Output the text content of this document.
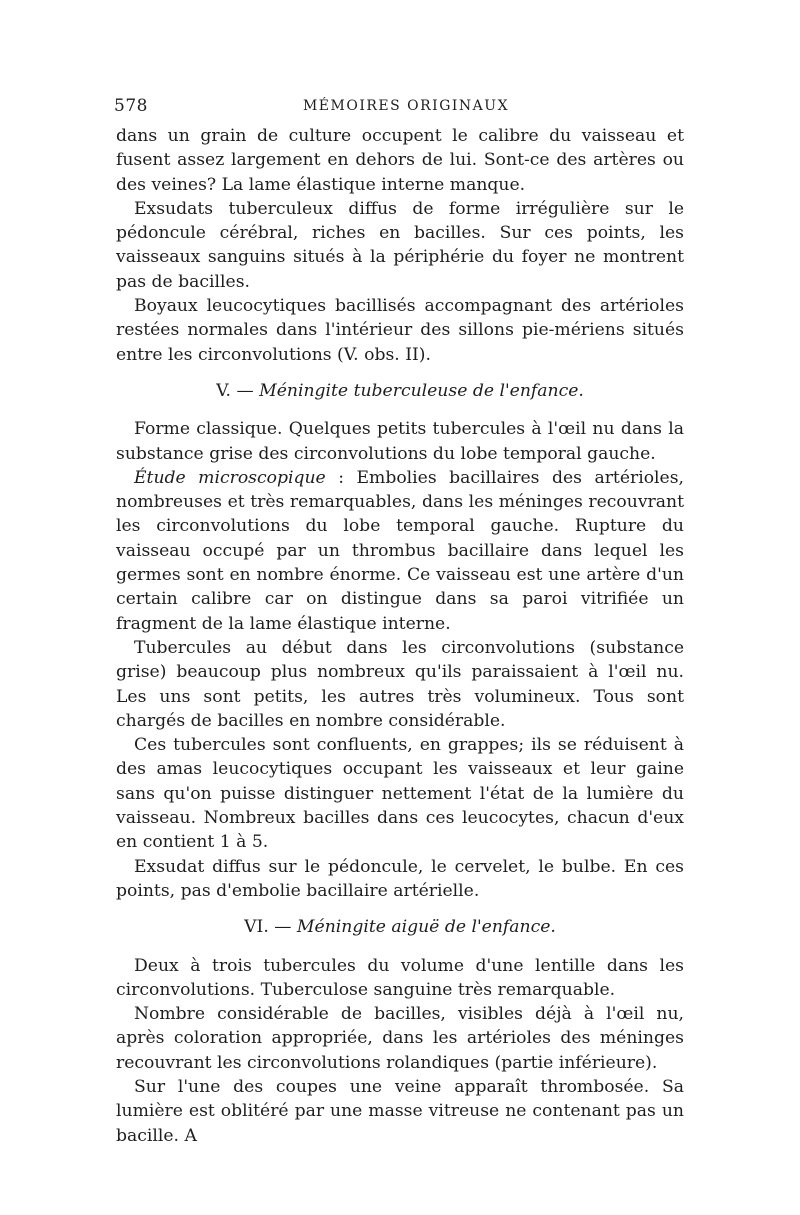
578	MÉMOIRES ORIGINAUX

dans un grain de culture occupent le calibre du vaisseau et fusent assez largement en dehors de lui. Sont-ce des artères ou des veines? La lame élastique interne manque.

Exsudats tuberculeux diffus de forme irrégulière sur le pédoncule cérébral, riches en bacilles. Sur ces points, les vaisseaux sanguins situés à la périphérie du foyer ne montrent pas de bacilles.

Boyaux leucocytiques bacillisés accompagnant des artérioles restées normales dans l'intérieur des sillons pie-mériens situés entre les circonvolutions (V. obs. II).

V. — Méningite tuberculeuse de l'enfance.

Forme classique. Quelques petits tubercules à l'œil nu dans la substance grise des circonvolutions du lobe temporal gauche.

Étude microscopique : Embolies bacillaires des artérioles, nombreuses et très remarquables, dans les méninges recouvrant les circonvolutions du lobe temporal gauche. Rupture du vaisseau occupé par un thrombus bacillaire dans lequel les germes sont en nombre énorme. Ce vaisseau est une artère d'un certain calibre car on distingue dans sa paroi vitrifiée un fragment de la lame élastique interne.

Tubercules au début dans les circonvolutions (substance grise) beaucoup plus nombreux qu'ils paraissaient à l'œil nu. Les uns sont petits, les autres très volumineux. Tous sont chargés de bacilles en nombre considérable.

Ces tubercules sont confluents, en grappes; ils se réduisent à des amas leucocytiques occupant les vaisseaux et leur gaine sans qu'on puisse distinguer nettement l'état de la lumière du vaisseau. Nombreux bacilles dans ces leucocytes, chacun d'eux en contient 1 à 5.

Exsudat diffus sur le pédoncule, le cervelet, le bulbe. En ces points, pas d'embolie bacillaire artérielle.

VI. — Méningite aiguë de l'enfance.

Deux à trois tubercules du volume d'une lentille dans les circonvolutions. Tuberculose sanguine très remarquable.

Nombre considérable de bacilles, visibles déjà à l'œil nu, après coloration appropriée, dans les artérioles des méninges recouvrant les circonvolutions rolandiques (partie inférieure).

Sur l'une des coupes une veine apparaît thrombosée. Sa lumière est oblitéré par une masse vitreuse ne contenant pas un bacille. A
